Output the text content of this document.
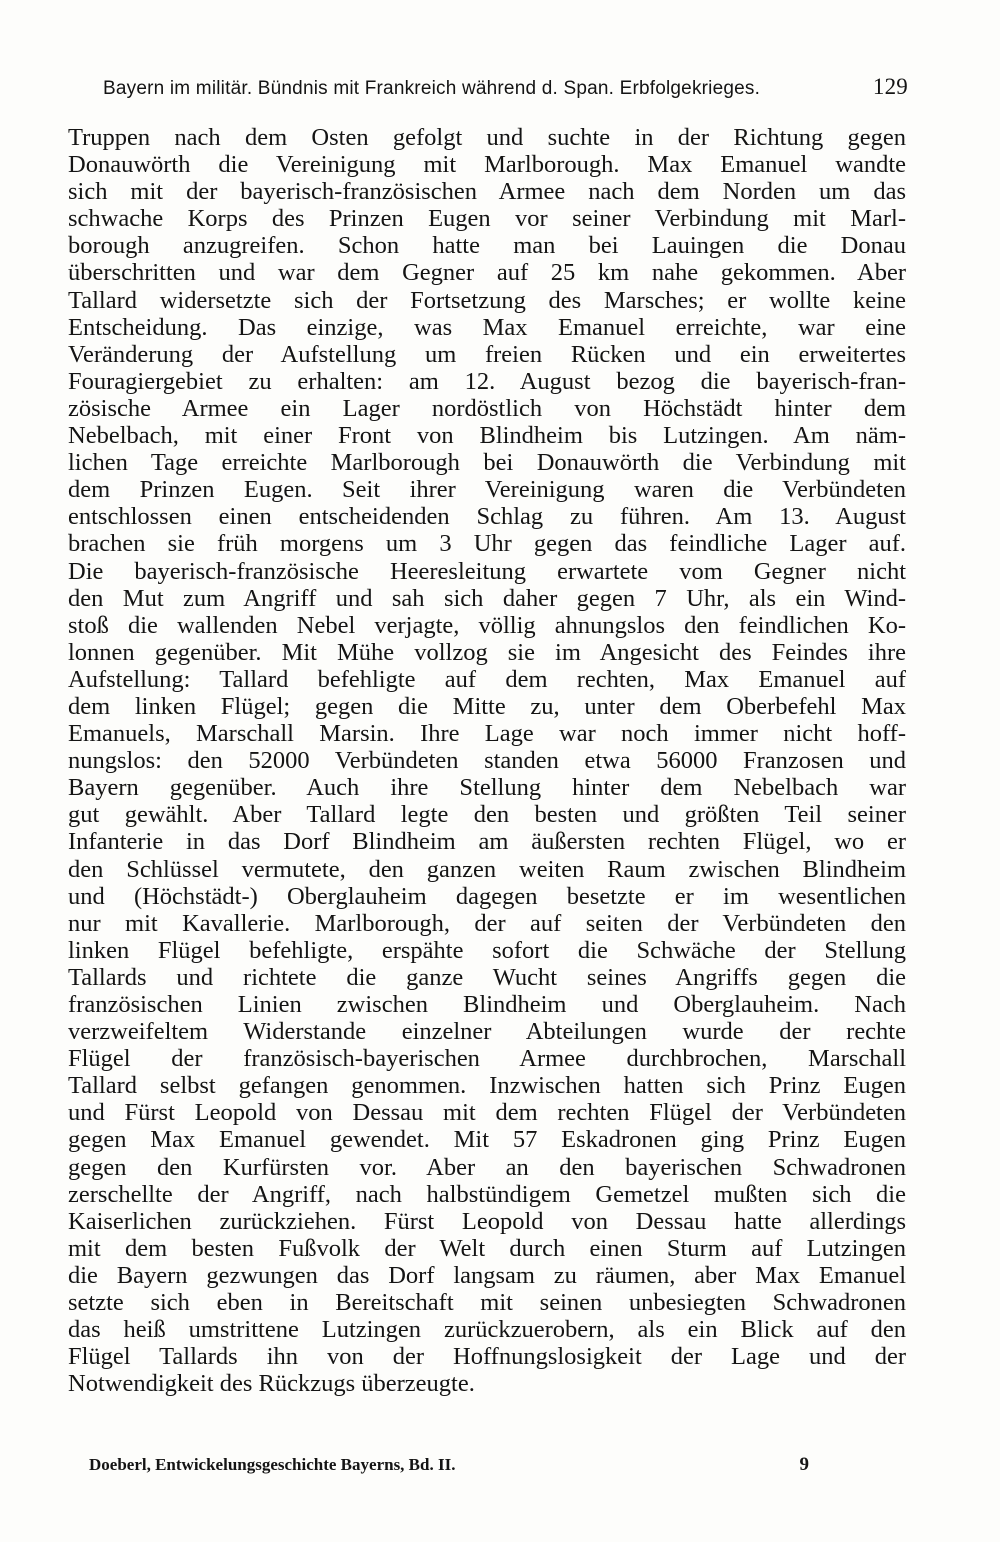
Bayern im militär. Bündnis mit Frankreich während d. Span. Erbfolgekrieges.	129
Truppen nach dem Osten gefolgt und suchte in der Richtung gegen
Donauwörth die Vereinigung mit Marlborough. Max Emanuel wandte
sich mit der bayerisch-französischen Armee nach dem Norden um das
schwache Korps des Prinzen Eugen vor seiner Verbindung mit Marl-
borough anzugreifen. Schon hatte man bei Lauingen die Donau
überschritten und war dem Gegner auf 25 km nahe gekommen. Aber
Tallard widersetzte sich der Fortsetzung des Marsches; er wollte keine
Entscheidung. Das einzige, was Max Emanuel erreichte, war eine
Veränderung der Aufstellung um freien Rücken und ein erweitertes
Fouragiergebiet zu erhalten: am 12. August bezog die bayerisch-fran-
zösische Armee ein Lager nordöstlich von Höchstädt hinter dem
Nebelbach, mit einer Front von Blindheim bis Lutzingen. Am näm-
lichen Tage erreichte Marlborough bei Donauwörth die Verbindung mit
dem Prinzen Eugen. Seit ihrer Vereinigung waren die Verbündeten
entschlossen einen entscheidenden Schlag zu führen. Am 13. August
brachen sie früh morgens um 3 Uhr gegen das feindliche Lager auf.
Die bayerisch-französische Heeresleitung erwartete vom Gegner nicht
den Mut zum Angriff und sah sich daher gegen 7 Uhr, als ein Wind-
stoß die wallenden Nebel verjagte, völlig ahnungslos den feindlichen Ko-
lonnen gegenüber. Mit Mühe vollzog sie im Angesicht des Feindes ihre
Aufstellung: Tallard befehligte auf dem rechten, Max Emanuel auf
dem linken Flügel; gegen die Mitte zu, unter dem Oberbefehl Max
Emanuels, Marschall Marsin. Ihre Lage war noch immer nicht hoff-
nungslos: den 52000 Verbündeten standen etwa 56000 Franzosen und
Bayern gegenüber. Auch ihre Stellung hinter dem Nebelbach war
gut gewählt. Aber Tallard legte den besten und größten Teil seiner
Infanterie in das Dorf Blindheim am äußersten rechten Flügel, wo er
den Schlüssel vermutete, den ganzen weiten Raum zwischen Blindheim
und (Höchstädt-) Oberglauheim dagegen besetzte er im wesentlichen
nur mit Kavallerie. Marlborough, der auf seiten der Verbündeten den
linken Flügel befehligte, erspähte sofort die Schwäche der Stellung
Tallards und richtete die ganze Wucht seines Angriffs gegen die
französischen Linien zwischen Blindheim und Oberglauheim. Nach
verzweifeltem Widerstande einzelner Abteilungen wurde der rechte
Flügel der französisch-bayerischen Armee durchbrochen, Marschall
Tallard selbst gefangen genommen. Inzwischen hatten sich Prinz Eugen
und Fürst Leopold von Dessau mit dem rechten Flügel der Verbündeten
gegen Max Emanuel gewendet. Mit 57 Eskadronen ging Prinz Eugen
gegen den Kurfürsten vor. Aber an den bayerischen Schwadronen
zerschellte der Angriff, nach halbstündigem Gemetzel mußten sich die
Kaiserlichen zurückziehen. Fürst Leopold von Dessau hatte allerdings
mit dem besten Fußvolk der Welt durch einen Sturm auf Lutzingen
die Bayern gezwungen das Dorf langsam zu räumen, aber Max Emanuel
setzte sich eben in Bereitschaft mit seinen unbesiegten Schwadronen
das heiß umstrittene Lutzingen zurückzuerobern, als ein Blick auf den
Flügel Tallards ihn von der Hoffnungslosigkeit der Lage und der
Notwendigkeit des Rückzugs überzeugte.
Doeberl, Entwickelungsgeschichte Bayerns, Bd. II.	9
